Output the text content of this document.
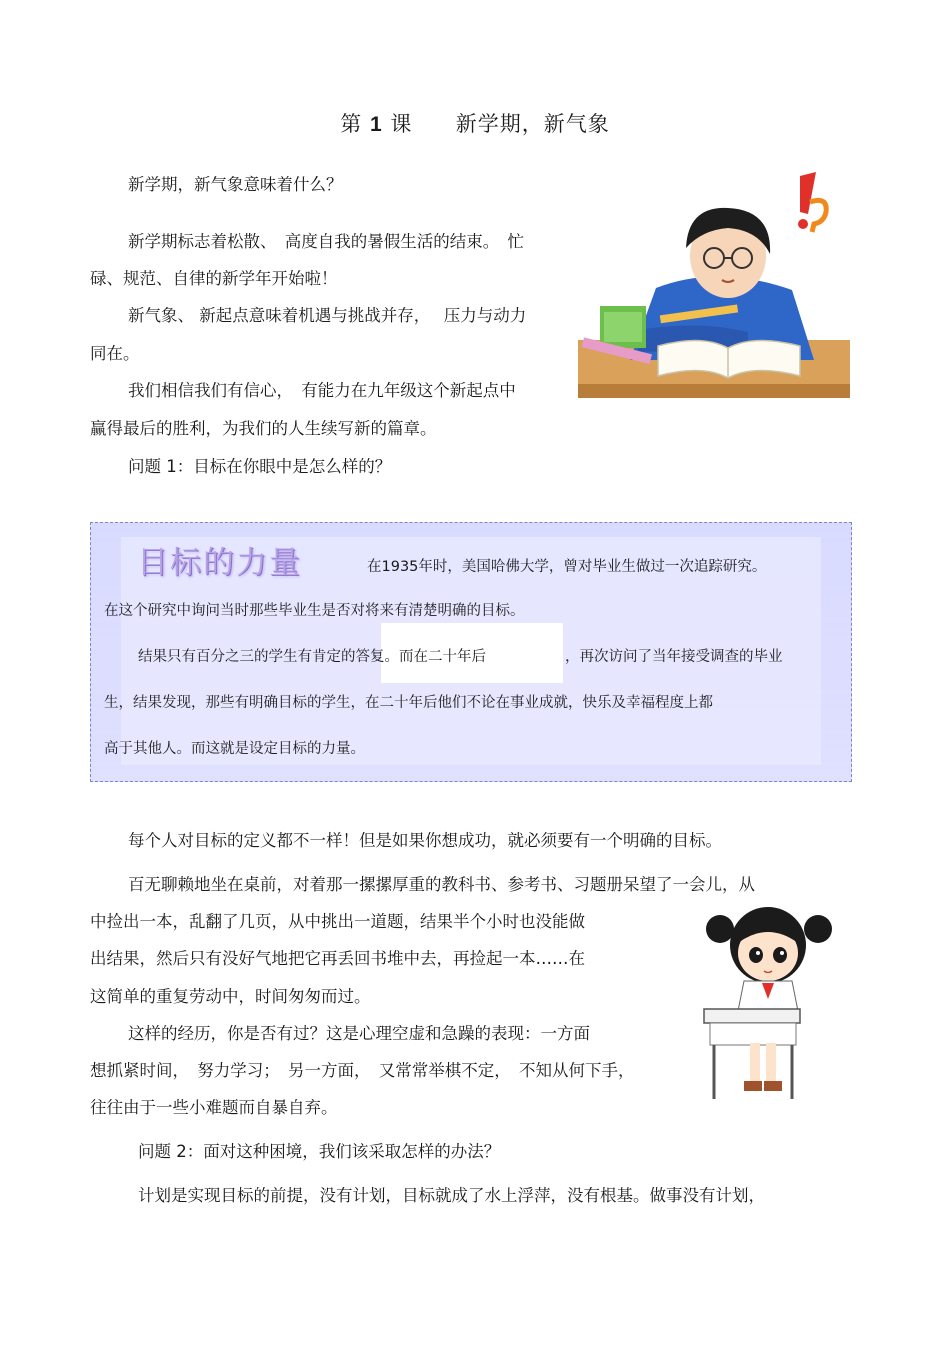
第 1 课 新学期，新气象
新学期，新气象意味着什么？
新学期标志着松散、　高度自我的暑假生活的结束。　忙
碌、规范、自律的新学年开始啦！
新气象、 新起点意味着机遇与挑战并存，　 压力与动力
同在。
我们相信我们有信心，　有能力在九年级这个新起点中
赢得最后的胜利，为我们的人生续写新的篇章。
问题 1：目标在你眼中是怎么样的？
目标的力量	在1935年时，美国哈佛大学，曾对毕业生做过一次追踪研究。
在这个研究中询问当时那些毕业生是否对将来有清楚明确的目标。
结果只有百分之三的学生有肯定的答复。而在二十年后	，再次访问了当年接受调查的毕业
生，结果发现，那些有明确目标的学生，在二十年后他们不论在事业成就，快乐及幸福程度上都
高于其他人。而这就是设定目标的力量。
每个人对目标的定义都不一样！但是如果你想成功，就必须要有一个明确的目标。
百无聊赖地坐在桌前，对着那一摞摞厚重的教科书、参考书、习题册呆望了一会儿，从
中捡出一本，乱翻了几页，从中挑出一道题，结果半个小时也没能做
出结果，然后只有没好气地把它再丢回书堆中去，再捡起一本……在
这简单的重复劳动中，时间匆匆而过。
这样的经历，你是否有过？这是心理空虚和急躁的表现：一方面
想抓紧时间，　努力学习；　另一方面，　又常常举棋不定，　不知从何下手，
往往由于一些小难题而自暴自弃。
问题 2：面对这种困境，我们该采取怎样的办法？
计划是实现目标的前提，没有计划，目标就成了水上浮萍，没有根基。做事没有计划，
